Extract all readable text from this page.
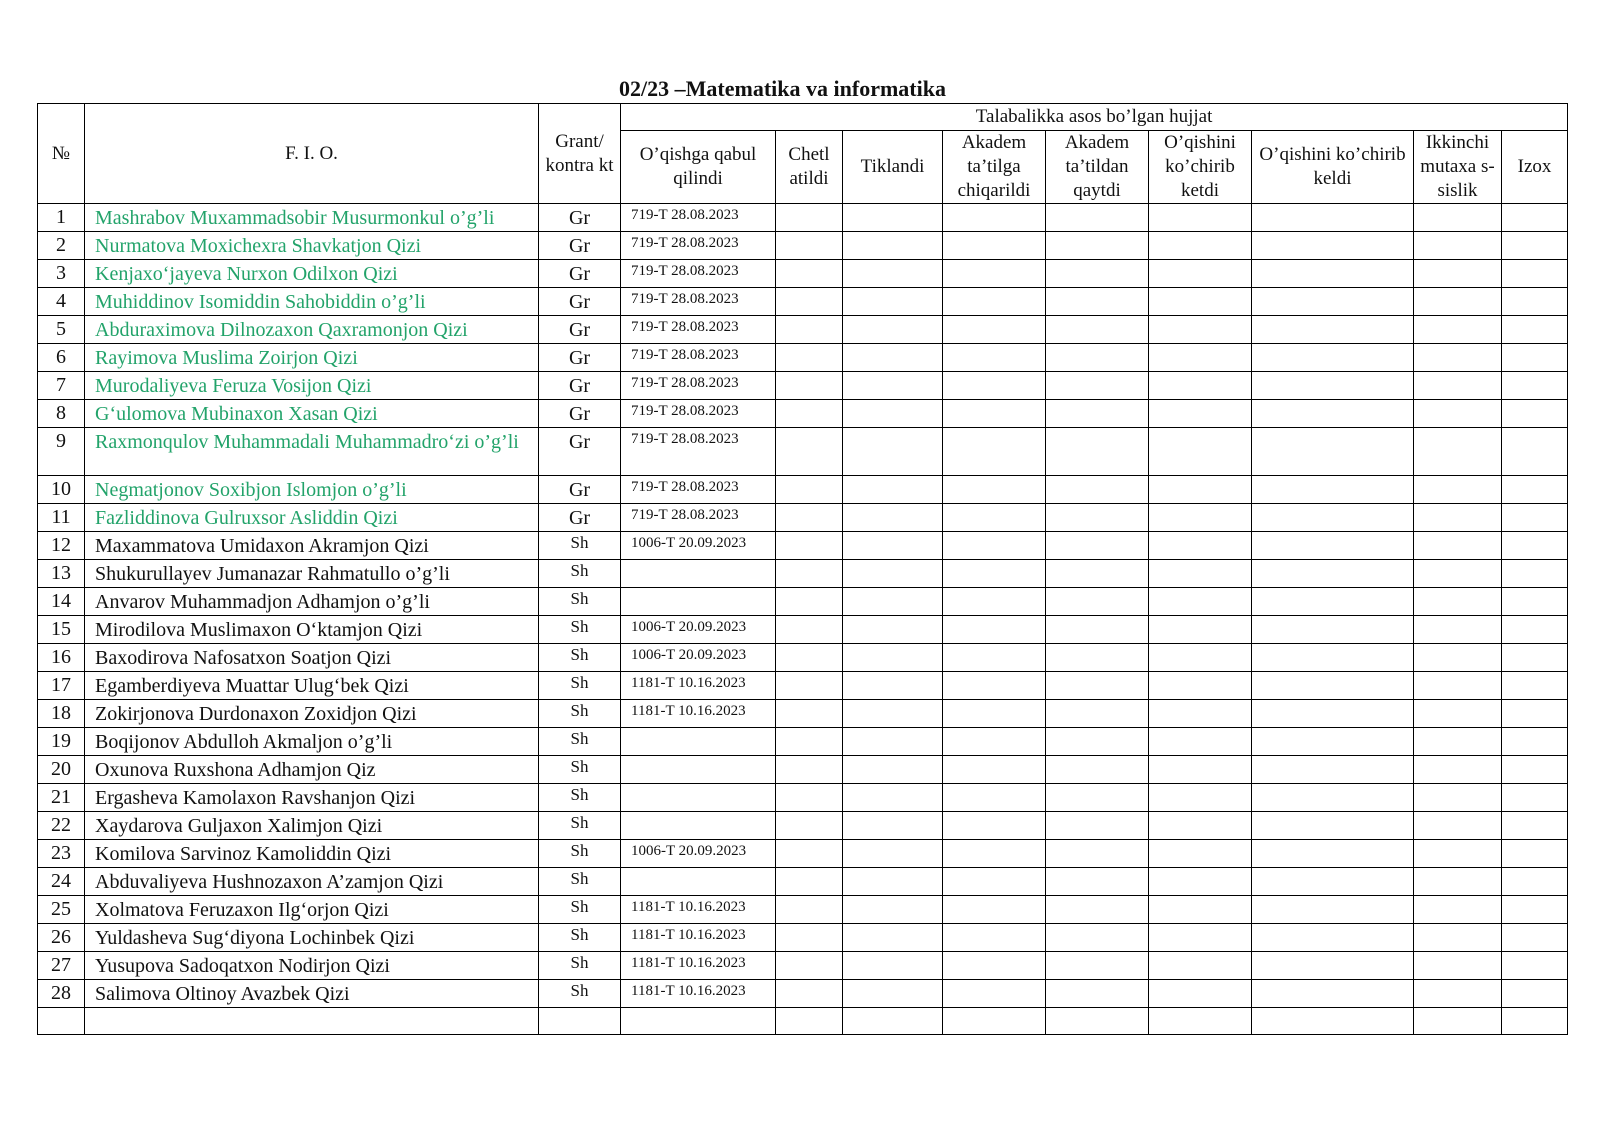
02/23 –Matematika va informatika
№	F. I. O.	Grant/ kontra kt	Talabalikka asos bo’lgan hujjat								
			O’qishga qabul qilindi	Chetl atildi	Tiklandi	Akadem ta’tilga chiqarildi	Akadem ta’tildan qaytdi	O’qishini ko’chirib ketdi	O’qishini ko’chirib keldi	Ikkinchi mutaxa s-sislik	Izox
1	Mashrabov Muxammadsobir Musurmonkul o’g’li	Gr	719-T 28.08.2023								
2	Nurmatova Moxichexra Shavkatjon Qizi	Gr	719-T 28.08.2023								
3	Kenjaxo‘jayeva Nurxon Odilxon Qizi	Gr	719-T 28.08.2023								
4	Muhiddinov Isomiddin Sahobiddin o’g’li	Gr	719-T 28.08.2023								
5	Abduraximova Dilnozaxon Qaxramonjon Qizi	Gr	719-T 28.08.2023								
6	Rayimova Muslima Zoirjon Qizi	Gr	719-T 28.08.2023								
7	Murodaliyeva Feruza Vosijon Qizi	Gr	719-T 28.08.2023								
8	G‘ulomova Mubinaxon Xasan Qizi	Gr	719-T 28.08.2023								
9	Raxmonqulov Muhammadali Muhammadro‘zi o’g’li	Gr	719-T 28.08.2023								
10	Negmatjonov Soxibjon Islomjon o’g’li	Gr	719-T 28.08.2023								
11	Fazliddinova Gulruxsor Asliddin Qizi	Gr	719-T 28.08.2023								
12	Maxammatova Umidaxon Akramjon Qizi	Sh	1006-T 20.09.2023								
13	Shukurullayev Jumanazar Rahmatullo o’g’li	Sh									
14	Anvarov Muhammadjon Adhamjon o’g’li	Sh									
15	Mirodilova Muslimaxon O‘ktamjon Qizi	Sh	1006-T 20.09.2023								
16	Baxodirova Nafosatxon Soatjon Qizi	Sh	1006-T 20.09.2023								
17	Egamberdiyeva Muattar Ulug‘bek Qizi	Sh	1181-T 10.16.2023								
18	Zokirjonova Durdonaxon Zoxidjon Qizi	Sh	1181-T 10.16.2023								
19	Boqijonov Abdulloh Akmaljon o’g’li	Sh									
20	Oxunova Ruxshona Adhamjon Qiz	Sh									
21	Ergasheva Kamolaxon Ravshanjon Qizi	Sh									
22	Xaydarova Guljaxon Xalimjon Qizi	Sh									
23	Komilova Sarvinoz Kamoliddin Qizi	Sh	1006-T 20.09.2023								
24	Abduvaliyeva Hushnozaxon A’zamjon Qizi	Sh									
25	Xolmatova Feruzaxon Ilg‘orjon Qizi	Sh	1181-T 10.16.2023								
26	Yuldasheva Sug‘diyona Lochinbek Qizi	Sh	1181-T 10.16.2023								
27	Yusupova Sadoqatxon Nodirjon Qizi	Sh	1181-T 10.16.2023								
28	Salimova Oltinoy Avazbek Qizi	Sh	1181-T 10.16.2023								
